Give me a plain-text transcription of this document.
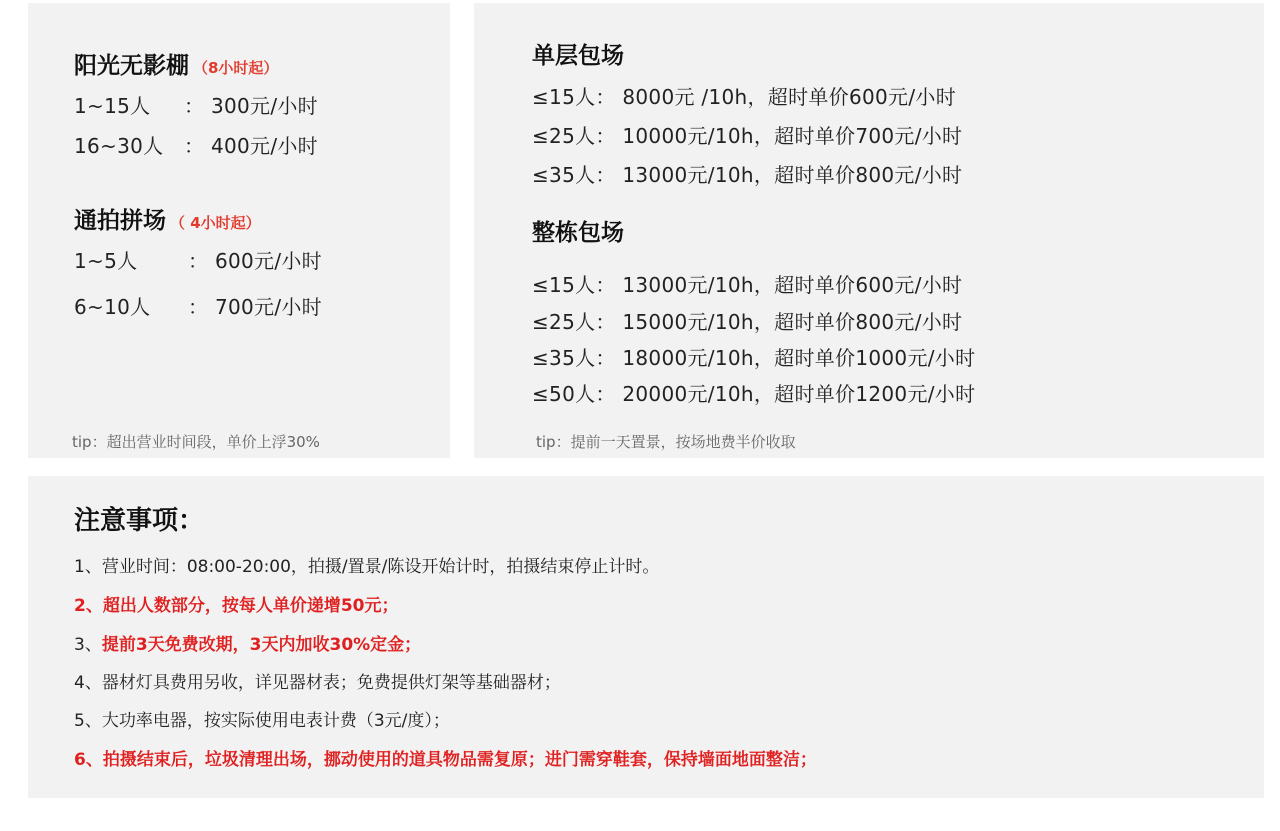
阳光无影棚 （8小时起）
1~15人 ： 300元/小时
16~30人 ： 400元/小时
通拍拼场 （ 4小时起）
1~5人	： 600元/小时
6~10人 ： 700元/小时
tip：超出营业时间段，单价上浮30%
单层包场
≤15人： 8000元 /10h，超时单价600元/小时
≤25人： 10000元/10h，超时单价700元/小时
≤35人： 13000元/10h，超时单价800元/小时
整栋包场
≤15人： 13000元/10h，超时单价600元/小时
≤25人： 15000元/10h，超时单价800元/小时
≤35人： 18000元/10h，超时单价1000元/小时
≤50人： 20000元/10h，超时单价1200元/小时
tip：提前一天置景，按场地费半价收取
注意事项：
1、营业时间：08:00-20:00，拍摄/置景/陈设开始计时，拍摄结束停止计时。
2、超出人数部分，按每人单价递增50元；
3、提前3天免费改期，3天内加收30%定金；
4、器材灯具费用另收，详见器材表；免费提供灯架等基础器材；
5、大功率电器，按实际使用电表计费（3元/度）；
6、拍摄结束后，垃圾清理出场，挪动使用的道具物品需复原；进门需穿鞋套，保持墙面地面整洁；
